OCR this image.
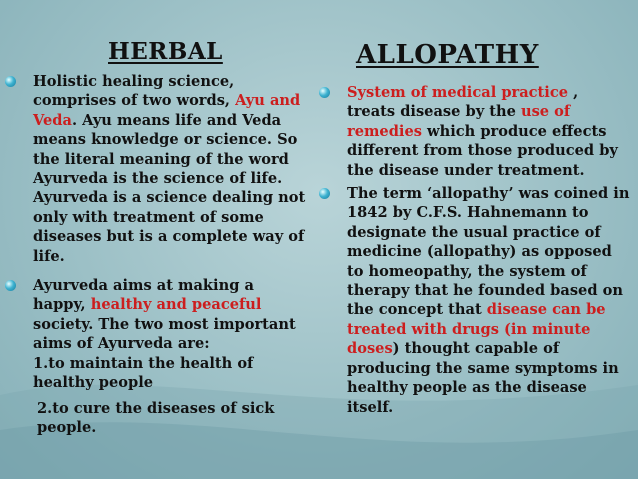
HERBAL	ALLOPATHY
Holistic healing science, comprises of two words, Ayu and Veda. Ayu means life and Veda means knowledge or science. So the literal meaning of the word Ayurveda is the science of life. Ayurveda is a science dealing not only with treatment of some diseases but is a complete way of life.
Ayurveda aims at making a happy, healthy and peaceful society. The two most important aims of Ayurveda are:
1.to maintain the health of healthy people
2.to cure the diseases of sick people.
System of medical practice , treats disease by the use of remedies which produce effects different from those produced by the disease under treatment.
The term ‘allopathy’ was coined in 1842 by C.F.S. Hahnemann to designate the usual practice of medicine (allopathy) as opposed to homeopathy, the system of therapy that he founded based on the concept that disease can be treated with drugs (in minute doses) thought capable of producing the same symptoms in healthy people as the disease itself.
